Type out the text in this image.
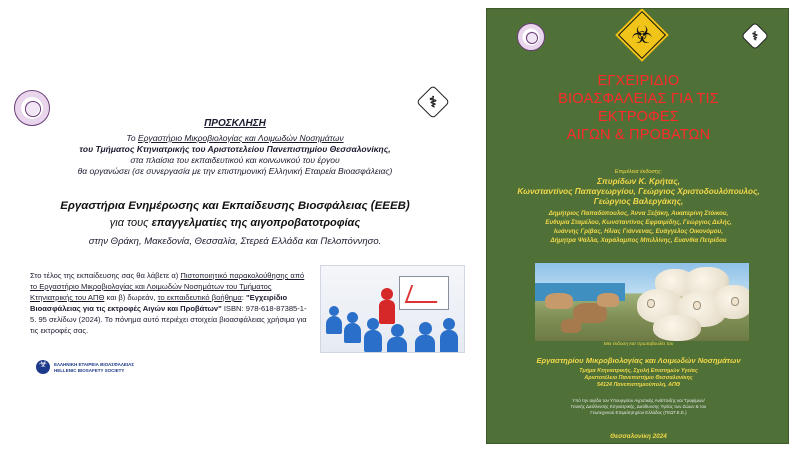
⚕
ΠΡΟΣΚΛΗΣΗ
Το Εργαστήριο Μικροβιολογίας και Λοιμωδών Νοσημάτων
του Τμήματος Κτηνιατρικής του Αριστοτελείου Πανεπιστημίου Θεσσαλονίκης,
στα πλαίσια του εκπαιδευτικού και κοινωνικού του έργου
θα οργανώσει (σε συνεργασία με την επιστημονική Ελληνική Εταιρεία Βιοασφάλειας)
Εργαστήρια Ενημέρωσης και Εκπαίδευσης Βιοσφάλειας (ΕΕΕΒ)
για τους επαγγελματίες της αιγοπροβατοτροφίας
στην Θράκη, Μακεδονία, Θεσσαλία, Στερεά Ελλάδα και Πελοπόννησο.
Στο τέλος της εκπαίδευσης σας θα λάβετε α) Πιστοποιητικό παρακολούθησης από το Εργαστήριο Μικροβιολογίας και Λοιμωδών Νοσημάτων του Τμήματος Κτηνιατρικής του ΑΠΘ και β) δωρεάν, το εκπαιδευτικό βοήθημα: "Εγχειρίδιο Βιοασφάλειας για τις εκτροφές Αιγών και Προβάτων" ISBN: 978-618-87385-1-5. 95 σελίδων (2024). Το πόνημα αυτό περιέχει στοιχεία βιοασφάλειας χρήσιμα για τις εκτροφές σας.
☣
ΕΛΛΗΝΙΚΗ ΕΤΑΙΡΕΙΑ ΒΙΟΑΣΦΑΛΕΙΑΣ
HELLENIC BIOSAFETY SOCIETY
⚕
☣
ΕΓΧΕΙΡΙΔΙΟ
ΒΙΟΑΣΦΑΛΕΙΑΣ ΓΙΑ ΤΙΣ
ΕΚΤΡΟΦΕΣ
ΑΙΓΩΝ & ΠΡΟΒΑΤΩΝ
Επιμέλεια έκδοσης:
Σπυρίδων Κ. Κρήτας,
Κωνσταντίνος Παπαγεωργίου, Γεώργιος Χριστοδουλόπουλος,
Γεώργιος Βαλεργάκης,
Δημήτριος Παπαδόπουλος, Άννα Ξεξάκη, Αικατερίνη Στόικου,
Ευθυμία Σταμέλου, Κωνσταντίνος Εφραιμίδης, Γεώργιος Δελής,
Ιωάννης Γρίβας, Ηλίας Γιάννενας, Ευάγγελος Οικονόμου,
Δήμητρα Ψάλλα, Χαράλαμπος Μπιλλίνης, Ευανθία Πετρίδου
Μια έκδοση και πρωτοβουλία του
Εργαστηρίου Μικροβιολογίας και Λοιμωδών Νοσημάτων
Τμήμα Κτηνιατρικής, Σχολή Επιστημών Υγείας
Αριστοτέλειο Πανεπιστήμιο Θεσσαλονίκης
54124 Πανεπιστημιούπολη, ΑΠΘ
Υπό την αιγίδα του Υπουργείου Αγροτικής Ανάπτυξης και Τροφίμων/
Γενικής Διεύθυνσης Κτηνιατρικής, Διεύθυνσης Υγείας των Ζώων & του
Γεωτεχνικού Επιμελητηρίου Ελλάδος (ΓΕΩΤ.Ε.Ε.)
Θεσσαλονίκη 2024
